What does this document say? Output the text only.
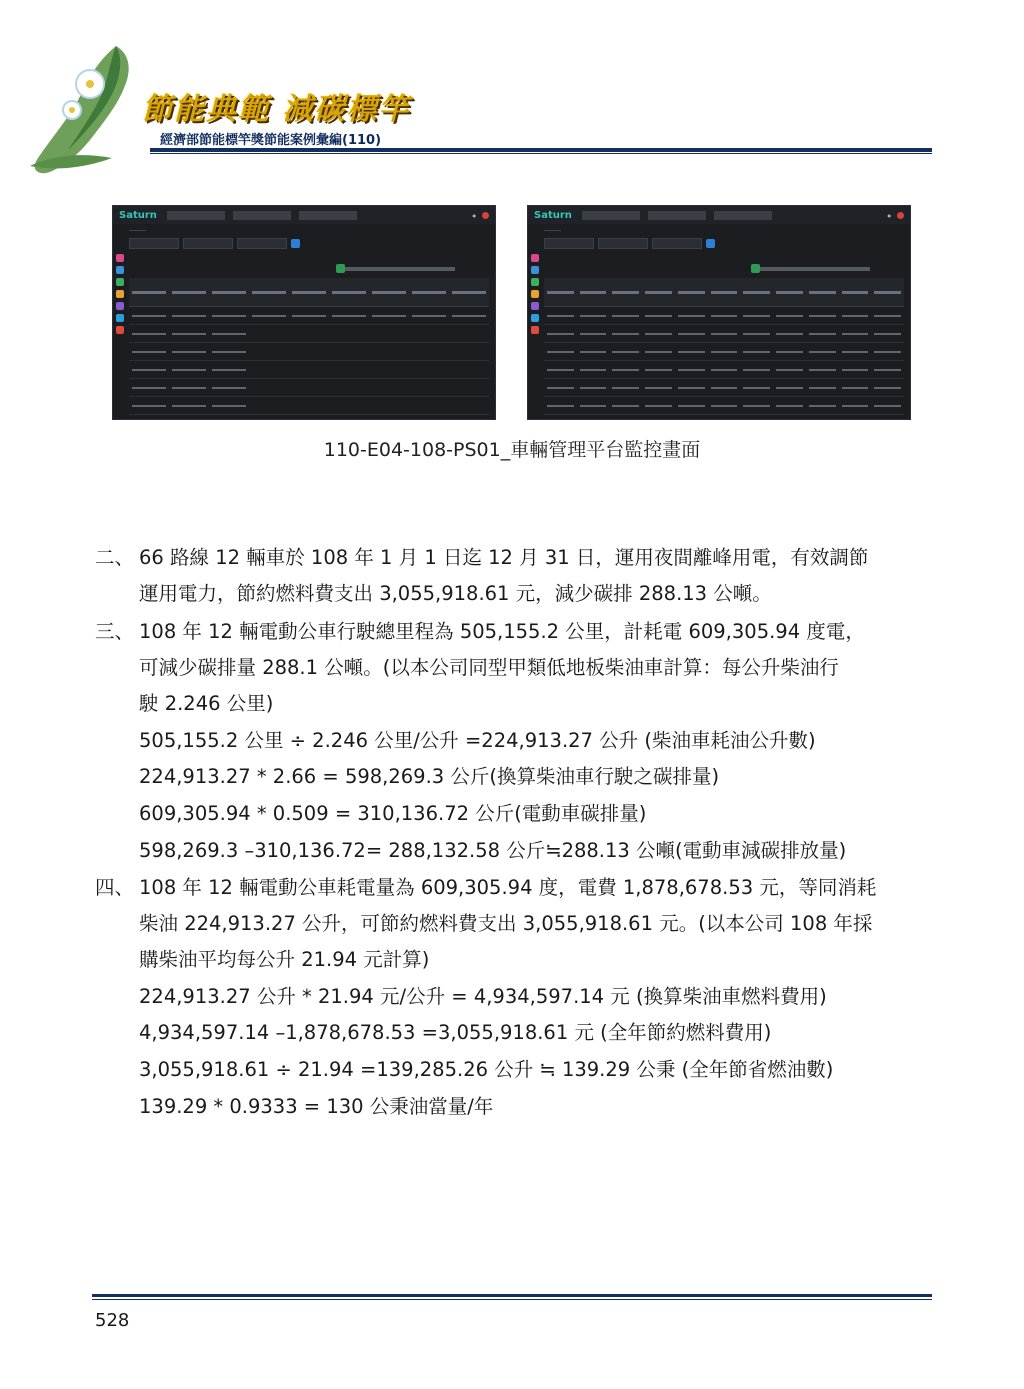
節能典範 減碳標竿
經濟部節能標竿獎節能案例彙編(110)
Saturn	●
───────
Saturn	●
───────
110-E04-108-PS01_車輛管理平台監控畫面
二、 66 路線 12 輛車於 108 年 1 月 1 日迄 12 月 31 日，運用夜間離峰用電，有效調節
運用電力，節約燃料費支出 3,055,918.61 元，減少碳排 288.13 公噸。
三、 108 年 12 輛電動公車行駛總里程為 505,155.2 公里，計耗電 609,305.94 度電，
可減少碳排量 288.1 公噸。(以本公司同型甲類低地板柴油車計算：每公升柴油行
駛 2.246 公里)
505,155.2 公里 ÷ 2.246 公里/公升 =224,913.27 公升 (柴油車耗油公升數)
224,913.27 * 2.66 = 598,269.3 公斤(換算柴油車行駛之碳排量)
609,305.94 * 0.509 = 310,136.72 公斤(電動車碳排量)
598,269.3 –310,136.72= 288,132.58 公斤≒288.13 公噸(電動車減碳排放量)
四、 108 年 12 輛電動公車耗電量為 609,305.94 度，電費 1,878,678.53 元，等同消耗
柴油 224,913.27 公升，可節約燃料費支出 3,055,918.61 元。(以本公司 108 年採
購柴油平均每公升 21.94 元計算)
224,913.27 公升 * 21.94 元/公升 = 4,934,597.14 元 (換算柴油車燃料費用)
4,934,597.14 –1,878,678.53 =3,055,918.61 元 (全年節約燃料費用)
3,055,918.61 ÷ 21.94 =139,285.26 公升 ≒ 139.29 公秉 (全年節省燃油數)
139.29 * 0.9333 = 130 公秉油當量/年
528
